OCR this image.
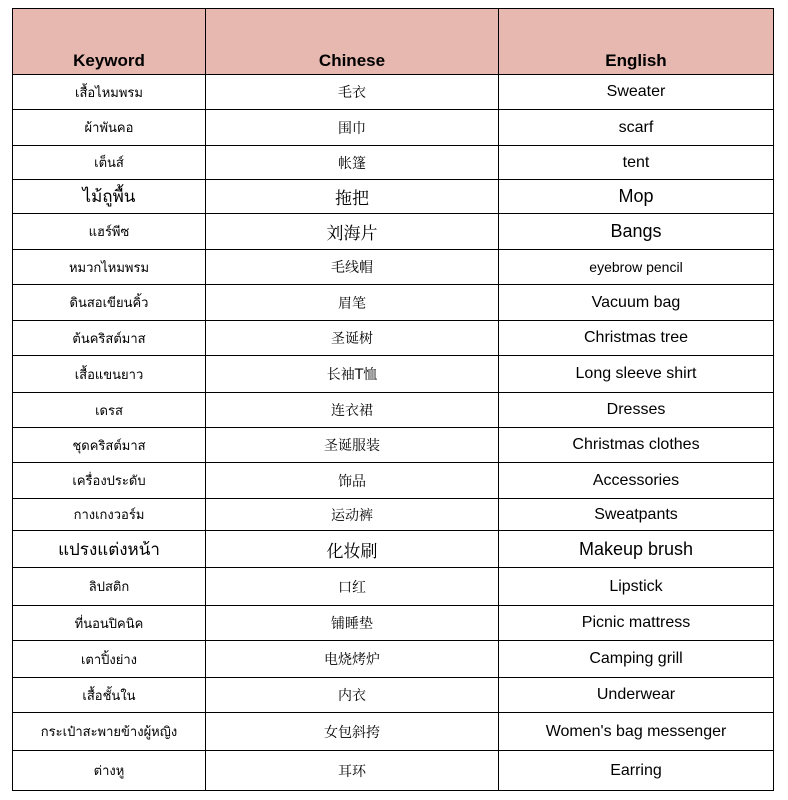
Keyword	Chinese	English
เสื้อไหมพรม	毛衣	Sweater
ผ้าพันคอ	围巾	scarf
เต็นส์	帐篷	tent
ไม้ถูพื้น	拖把	Mop
แฮร์พีซ	刘海片	Bangs
หมวกไหมพรม	毛线帽	eyebrow pencil
ดินสอเขียนคิ้ว	眉笔	Vacuum bag
ต้นคริสต์มาส	圣诞树	Christmas tree
เสื้อแขนยาว	长袖T恤	Long sleeve shirt
เดรส	连衣裙	Dresses
ชุดคริสต์มาส	圣诞服装	Christmas clothes
เครื่องประดับ	饰品	Accessories
กางเกงวอร์ม	运动裤	Sweatpants
แปรงแต่งหน้า	化妆刷	Makeup brush
ลิปสติก	口红	Lipstick
ที่นอนปิคนิค	铺睡垫	Picnic mattress
เตาปิ้งย่าง	电烧烤炉	Camping grill
เสื้อชั้นใน	内衣	Underwear
กระเป๋าสะพายข้างผู้หญิง	女包斜挎	Women's bag messenger
ต่างหู	耳环	Earring
